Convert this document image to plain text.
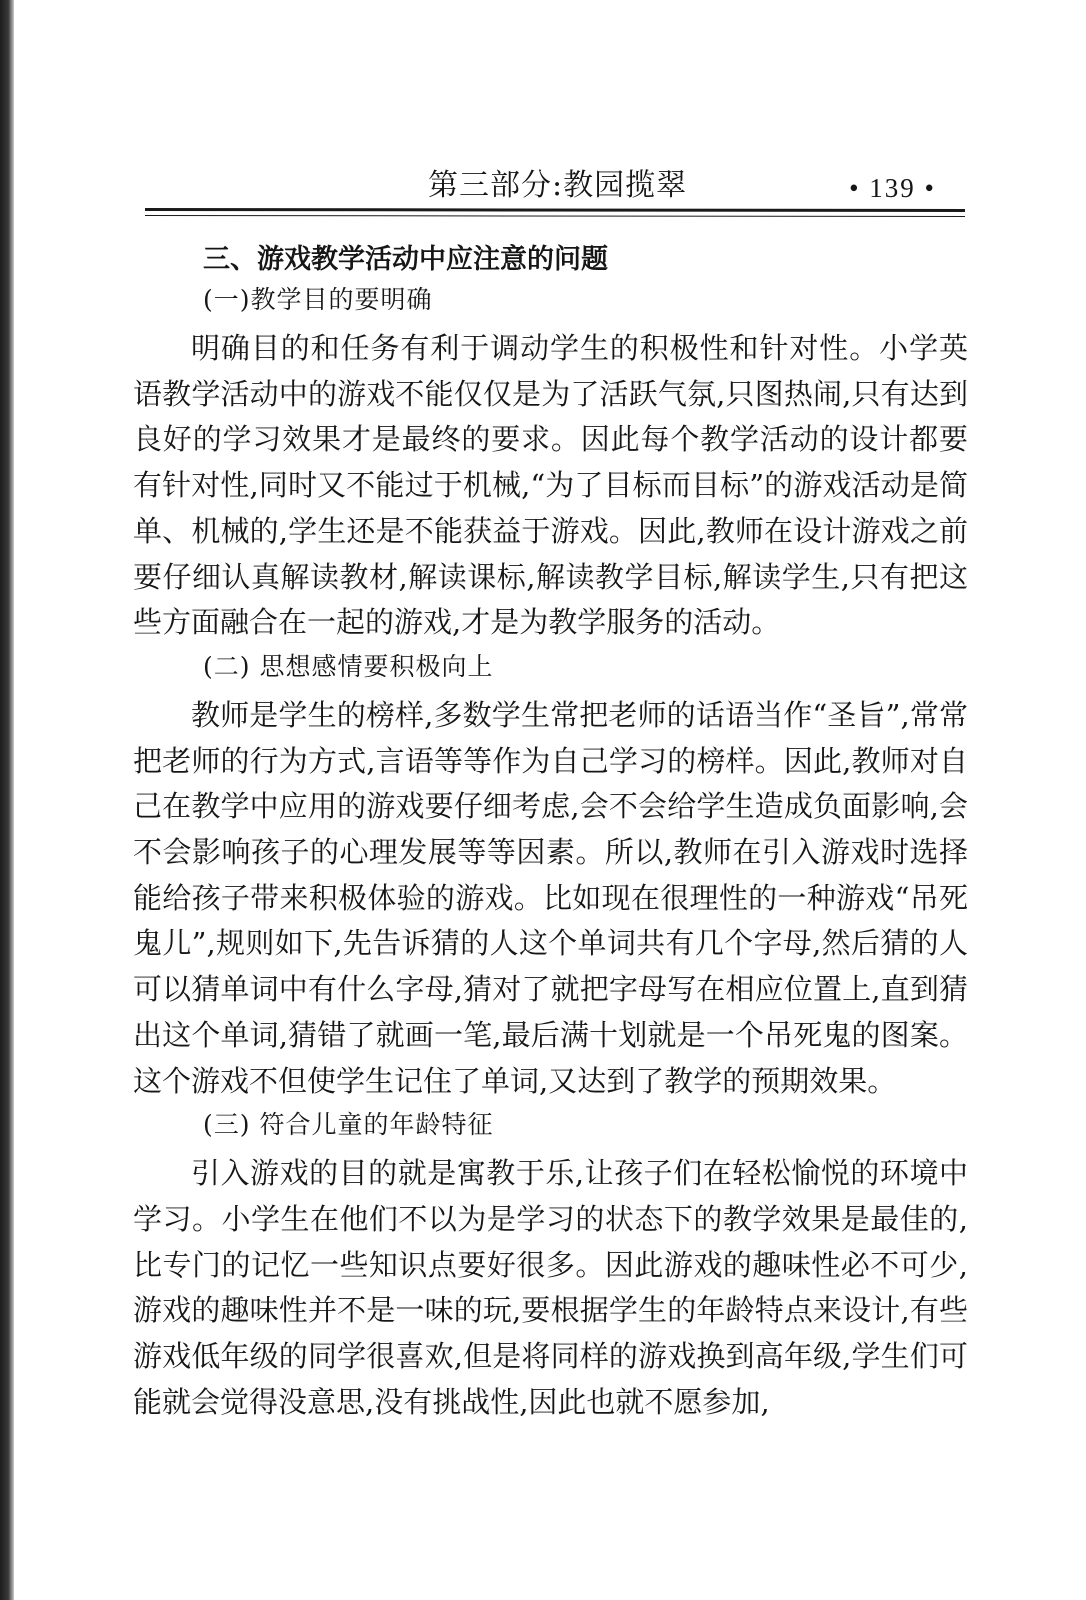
第三部分:教园揽翠	• 139 •
三、游戏教学活动中应注意的问题
(一)教学目的要明确

明确目的和任务有利于调动学生的积极性和针对性。小学英语教学活动中的游戏不能仅仅是为了活跃气氛,只图热闹,只有达到良好的学习效果才是最终的要求。因此每个教学活动的设计都要有针对性,同时又不能过于机械,“为了目标而目标”的游戏活动是简单、机械的,学生还是不能获益于游戏。因此,教师在设计游戏之前要仔细认真解读教材,解读课标,解读教学目标,解读学生,只有把这些方面融合在一起的游戏,才是为教学服务的活动。

(二) 思想感情要积极向上

教师是学生的榜样,多数学生常把老师的话语当作“圣旨”,常常把老师的行为方式,言语等等作为自己学习的榜样。因此,教师对自己在教学中应用的游戏要仔细考虑,会不会给学生造成负面影响,会不会影响孩子的心理发展等等因素。所以,教师在引入游戏时选择能给孩子带来积极体验的游戏。比如现在很理性的一种游戏“吊死鬼儿”,规则如下,先告诉猜的人这个单词共有几个字母,然后猜的人可以猜单词中有什么字母,猜对了就把字母写在相应位置上,直到猜出这个单词,猜错了就画一笔,最后满十划就是一个吊死鬼的图案。这个游戏不但使学生记住了单词,又达到了教学的预期效果。

(三) 符合儿童的年龄特征

引入游戏的目的就是寓教于乐,让孩子们在轻松愉悦的环境中学习。小学生在他们不以为是学习的状态下的教学效果是最佳的,比专门的记忆一些知识点要好很多。因此游戏的趣味性必不可少,游戏的趣味性并不是一味的玩,要根据学生的年龄特点来设计,有些游戏低年级的同学很喜欢,但是将同样的游戏换到高年级,学生们可能就会觉得没意思,没有挑战性,因此也就不愿参加,
